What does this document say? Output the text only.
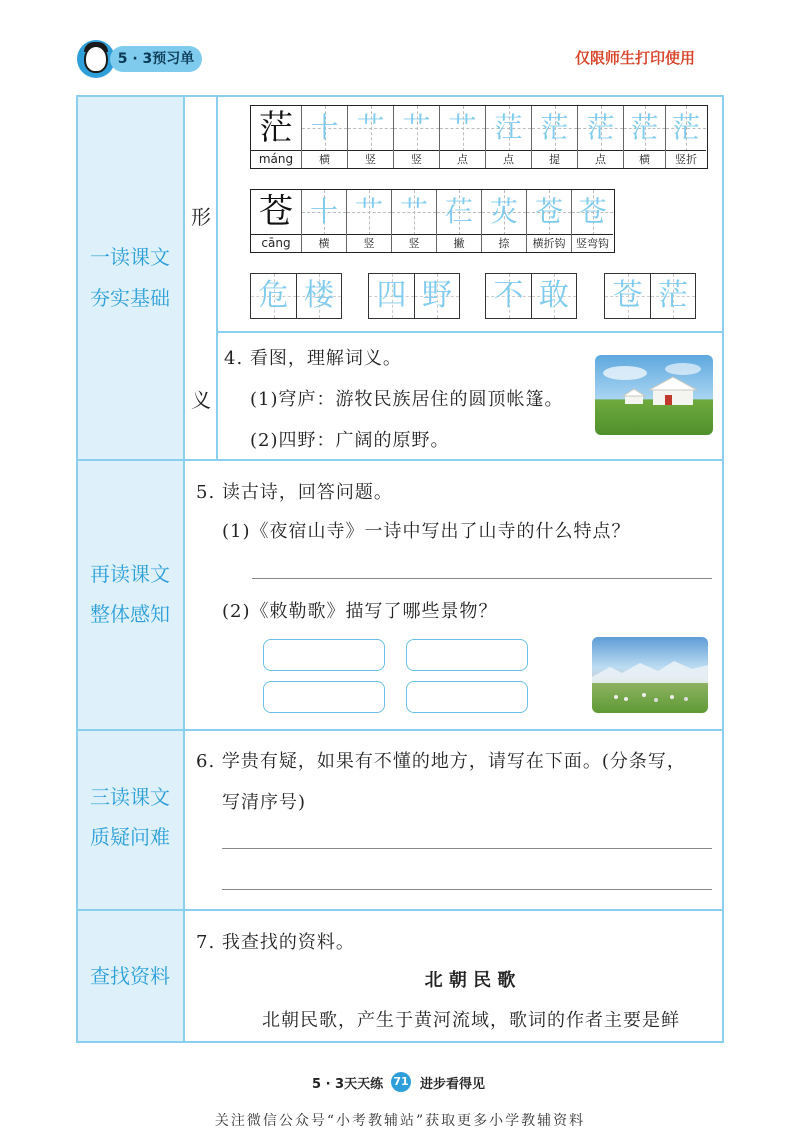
5 · 3预习单	仅限师生打印使用
一读课文
夯实基础
再读课文
整体感知
三读课文
质疑问难
查找资料
形
义
茫
máng
十
横
艹
竖
艹
竖
艹
点
茳
点
茫
提
茫
点
茫
横
茫
竖折
苍
cāng
十
横
艹
竖
艹
竖
芢
撇
苂
捺
苍
横折钩
苍
竖弯钩
危 楼 四 野 不 敢 苍 茫
4. 看图，理解词义。
(1)穹庐：游牧民族居住的圆顶帐篷。
(2)四野：广阔的原野。
5. 读古诗，回答问题。
(1)《夜宿山寺》一诗中写出了山寺的什么特点？
(2)《敕勒歌》描写了哪些景物？
6. 学贵有疑，如果有不懂的地方，请写在下面。(分条写，
写清序号)
7. 我查找的资料。
北 朝 民 歌
北朝民歌，产生于黄河流域，歌词的作者主要是鲜
5 · 3天天练 71 进步看得见
关注微信公众号“小考教辅站”获取更多小学教辅资料
